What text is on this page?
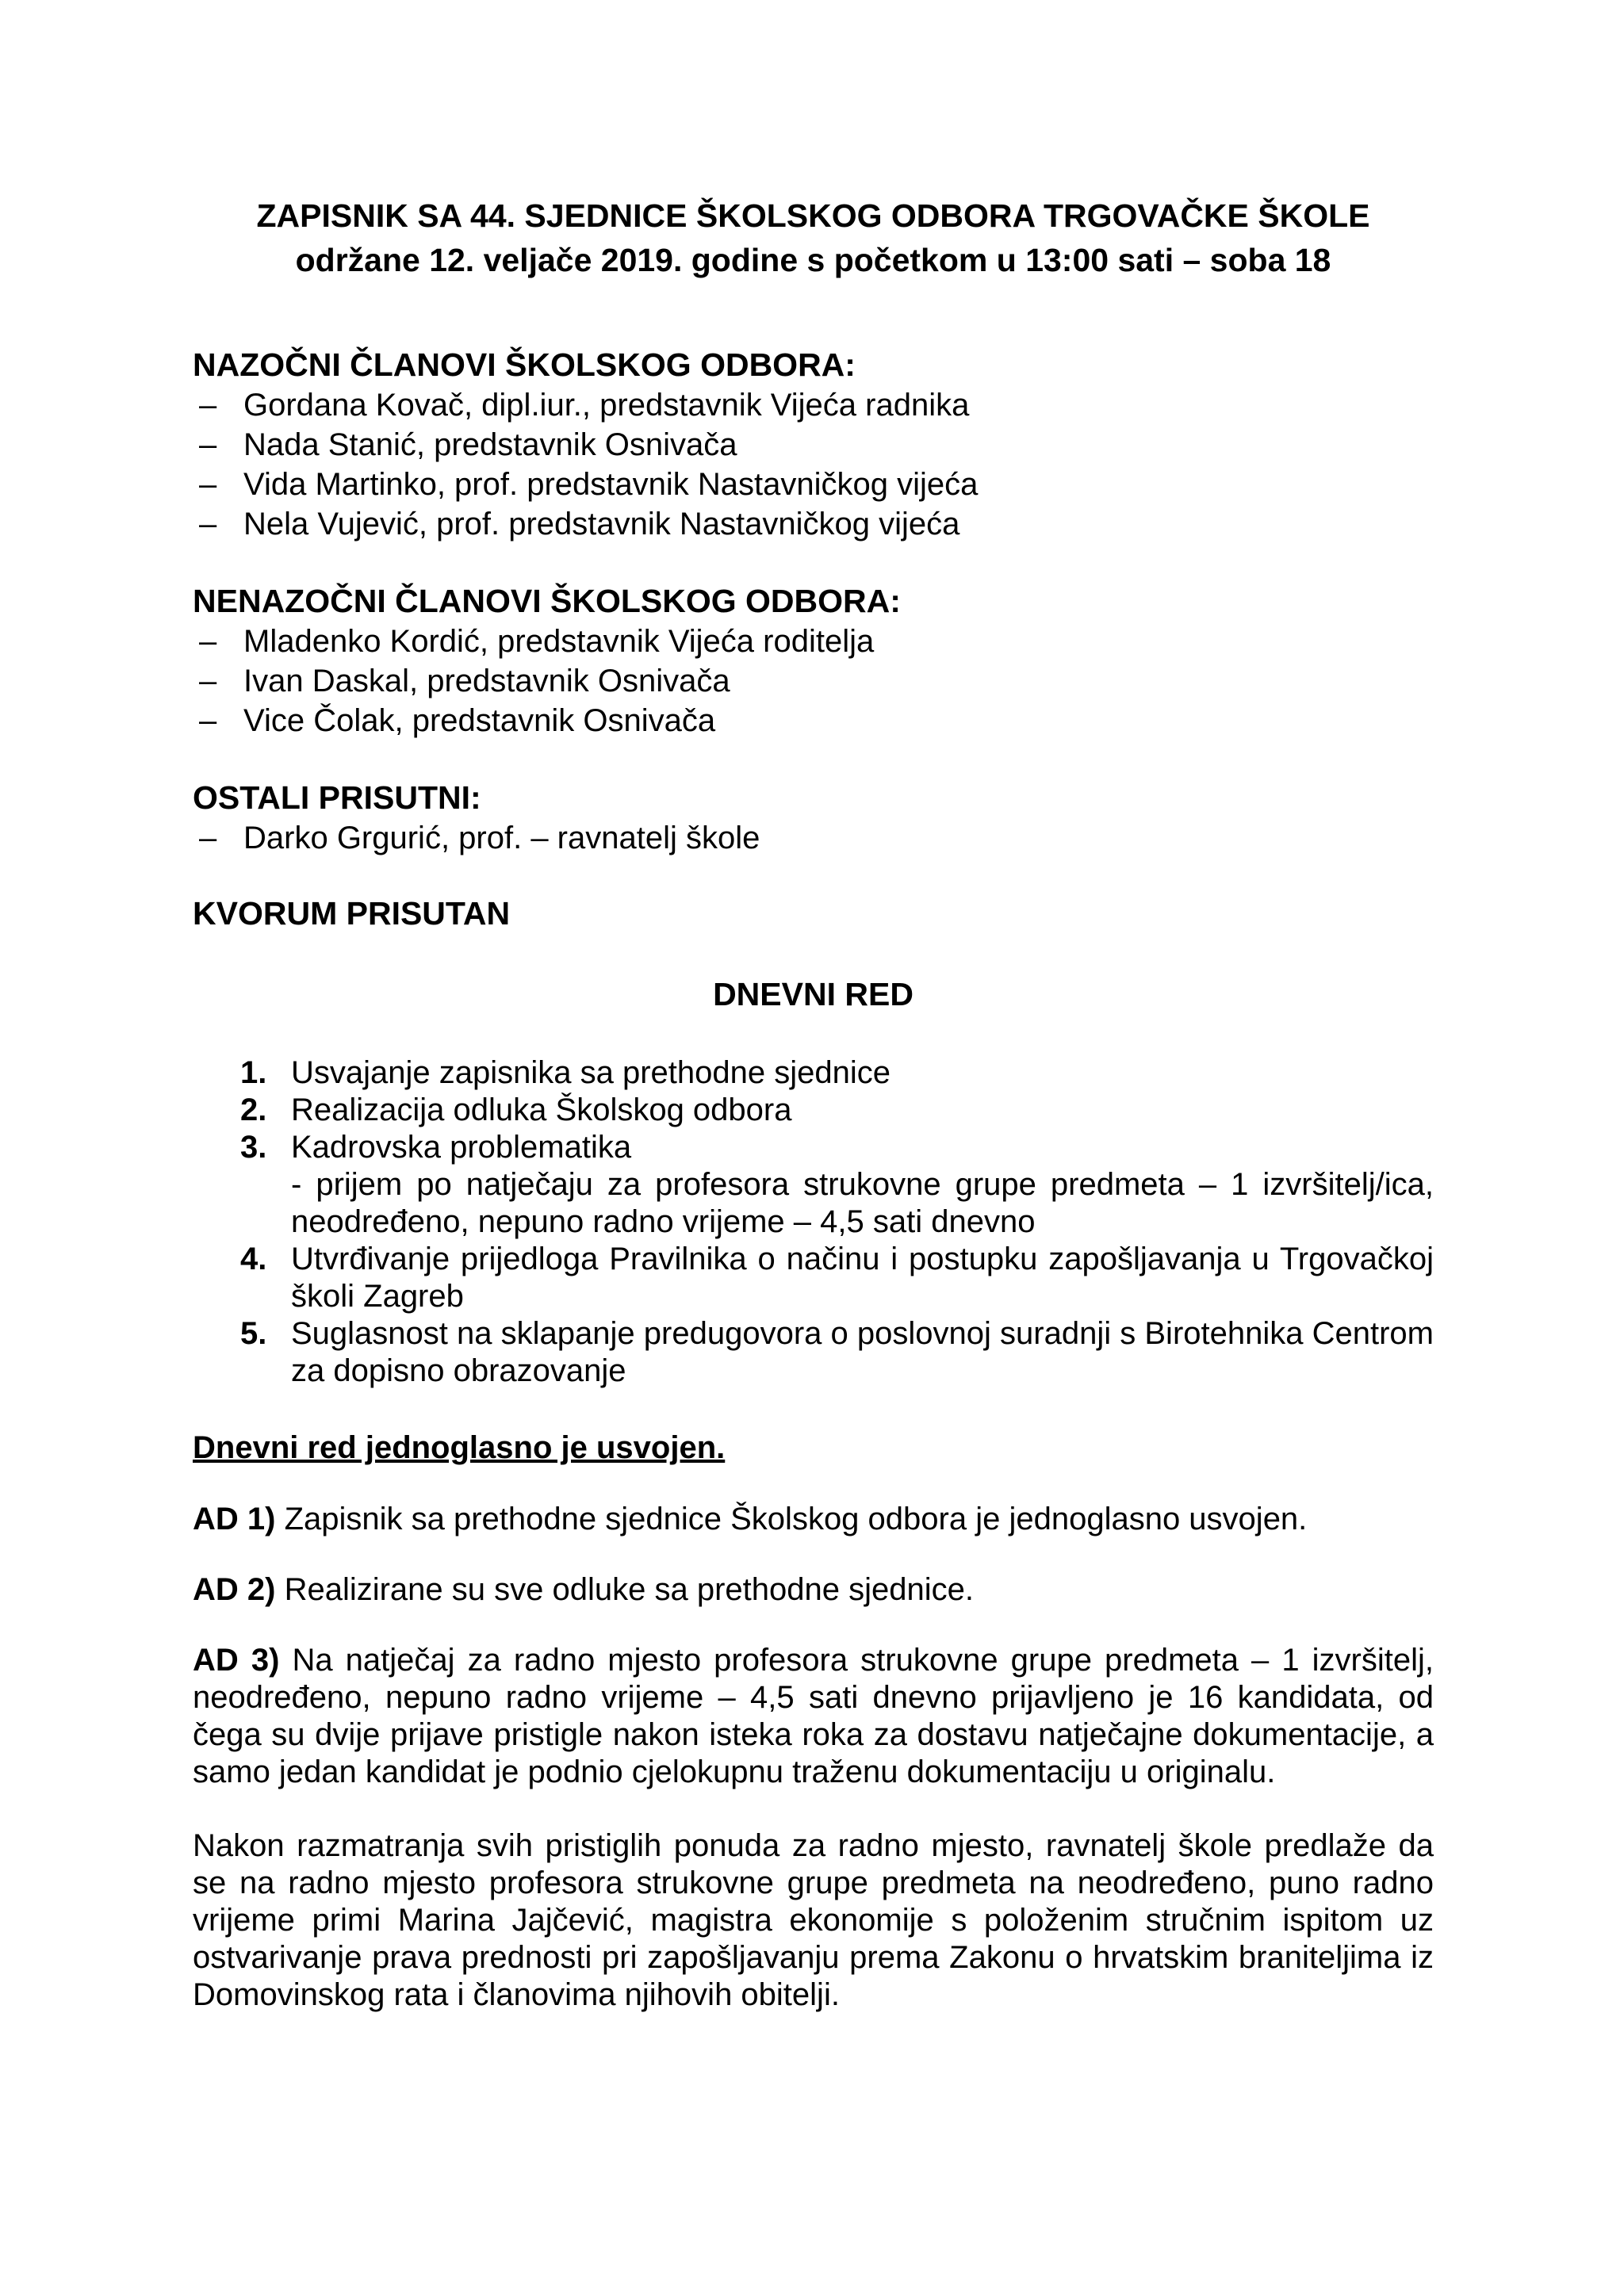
ZAPISNIK SA 44. SJEDNICE ŠKOLSKOG ODBORA TRGOVAČKE ŠKOLE
održane 12. veljače 2019. godine s početkom u 13:00 sati – soba 18
NAZOČNI ČLANOVI ŠKOLSKOG ODBORA:
– Gordana Kovač, dipl.iur., predstavnik Vijeća radnika
– Nada Stanić, predstavnik Osnivača
– Vida Martinko, prof. predstavnik Nastavničkog vijeća
– Nela Vujević, prof. predstavnik Nastavničkog vijeća
NENAZOČNI ČLANOVI ŠKOLSKOG ODBORA:
– Mladenko Kordić, predstavnik Vijeća roditelja
– Ivan Daskal, predstavnik Osnivača
– Vice Čolak, predstavnik Osnivača
OSTALI PRISUTNI:
– Darko Grgurić, prof. – ravnatelj škole
KVORUM PRISUTAN
DNEVNI RED
1. Usvajanje zapisnika sa prethodne sjednice
2. Realizacija odluka Školskog odbora
3. Kadrovska problematika
- prijem po natječaju za profesora strukovne grupe predmeta – 1 izvršitelj/ica, neodređeno, nepuno radno vrijeme – 4,5 sati dnevno
4. Utvrđivanje prijedloga Pravilnika o načinu i postupku zapošljavanja u Trgovačkoj školi Zagreb
5. Suglasnost na sklapanje predugovora o poslovnoj suradnji s Birotehnika Centrom za dopisno obrazovanje
Dnevni red jednoglasno je usvojen.

AD 1) Zapisnik sa prethodne sjednice Školskog odbora je jednoglasno usvojen.

AD 2) Realizirane su sve odluke sa prethodne sjednice.

AD 3) Na natječaj za radno mjesto profesora strukovne grupe predmeta – 1 izvršitelj, neodređeno, nepuno radno vrijeme – 4,5 sati dnevno prijavljeno je 16 kandidata, od čega su dvije prijave pristigle nakon isteka roka za dostavu natječajne dokumentacije, a samo jedan kandidat je podnio cjelokupnu traženu dokumentaciju u originalu.

Nakon razmatranja svih pristiglih ponuda za radno mjesto, ravnatelj škole predlaže da se na radno mjesto profesora strukovne grupe predmeta na neodređeno, puno radno vrijeme primi Marina Jajčević, magistra ekonomije s položenim stručnim ispitom uz ostvarivanje prava prednosti pri zapošljavanju prema Zakonu o hrvatskim braniteljima iz Domovinskog rata i članovima njihovih obitelji.
